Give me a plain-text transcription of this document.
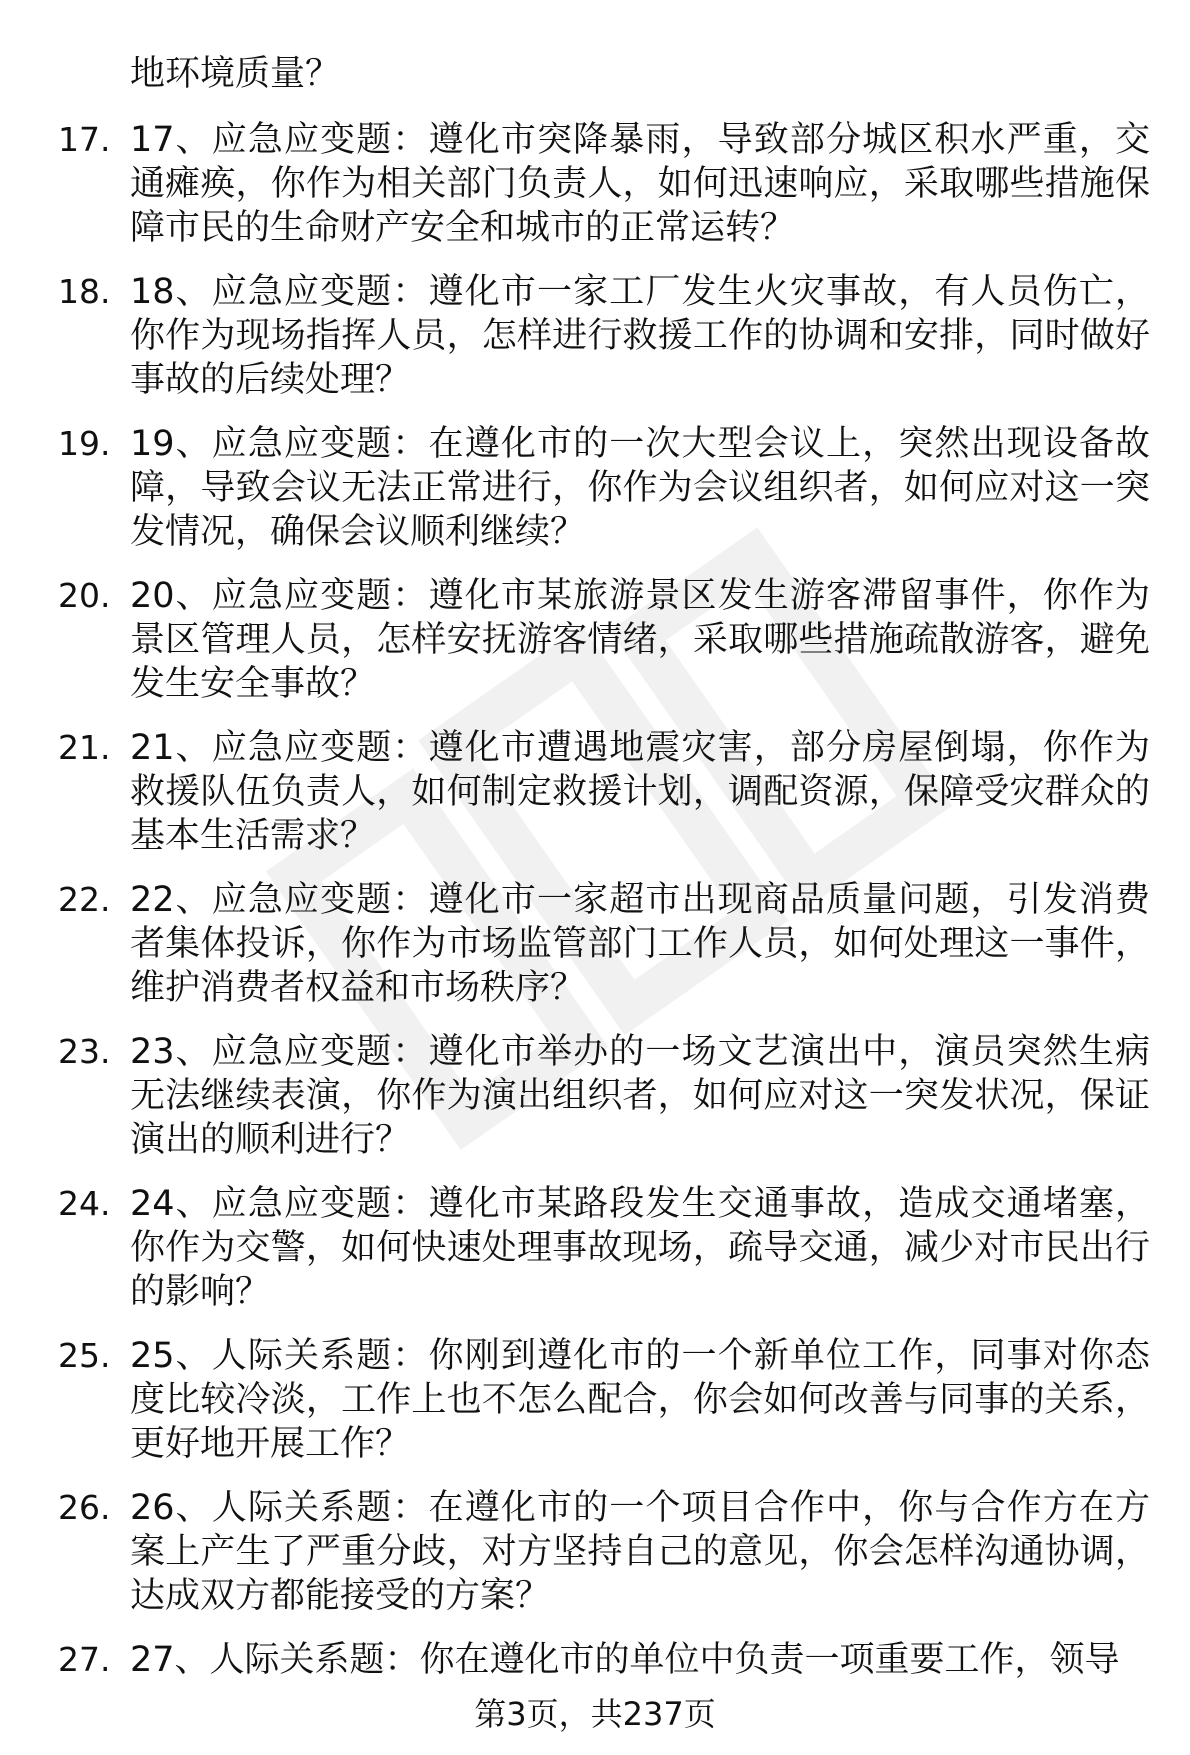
地环境质量？
17. 17、应急应变题：遵化市突降暴雨，导致部分城区积水严重，交通瘫痪，你作为相关部门负责人，如何迅速响应，采取哪些措施保障市民的生命财产安全和城市的正常运转？
18. 18、应急应变题：遵化市一家工厂发生火灾事故，有人员伤亡，你作为现场指挥人员，怎样进行救援工作的协调和安排，同时做好事故的后续处理？
19. 19、应急应变题：在遵化市的一次大型会议上，突然出现设备故障，导致会议无法正常进行，你作为会议组织者，如何应对这一突发情况，确保会议顺利继续？
20. 20、应急应变题：遵化市某旅游景区发生游客滞留事件，你作为景区管理人员，怎样安抚游客情绪，采取哪些措施疏散游客，避免发生安全事故？
21. 21、应急应变题：遵化市遭遇地震灾害，部分房屋倒塌，你作为救援队伍负责人，如何制定救援计划，调配资源，保障受灾群众的基本生活需求？
22. 22、应急应变题：遵化市一家超市出现商品质量问题，引发消费者集体投诉，你作为市场监管部门工作人员，如何处理这一事件，维护消费者权益和市场秩序？
23. 23、应急应变题：遵化市举办的一场文艺演出中，演员突然生病无法继续表演，你作为演出组织者，如何应对这一突发状况，保证演出的顺利进行？
24. 24、应急应变题：遵化市某路段发生交通事故，造成交通堵塞，你作为交警，如何快速处理事故现场，疏导交通，减少对市民出行的影响？
25. 25、人际关系题：你刚到遵化市的一个新单位工作，同事对你态度比较冷淡，工作上也不怎么配合，你会如何改善与同事的关系，更好地开展工作？
26. 26、人际关系题：在遵化市的一个项目合作中，你与合作方在方案上产生了严重分歧，对方坚持自己的意见，你会怎样沟通协调，达成双方都能接受的方案？
27. 27、人际关系题：你在遵化市的单位中负责一项重要工作，领导
第3页，共237页
